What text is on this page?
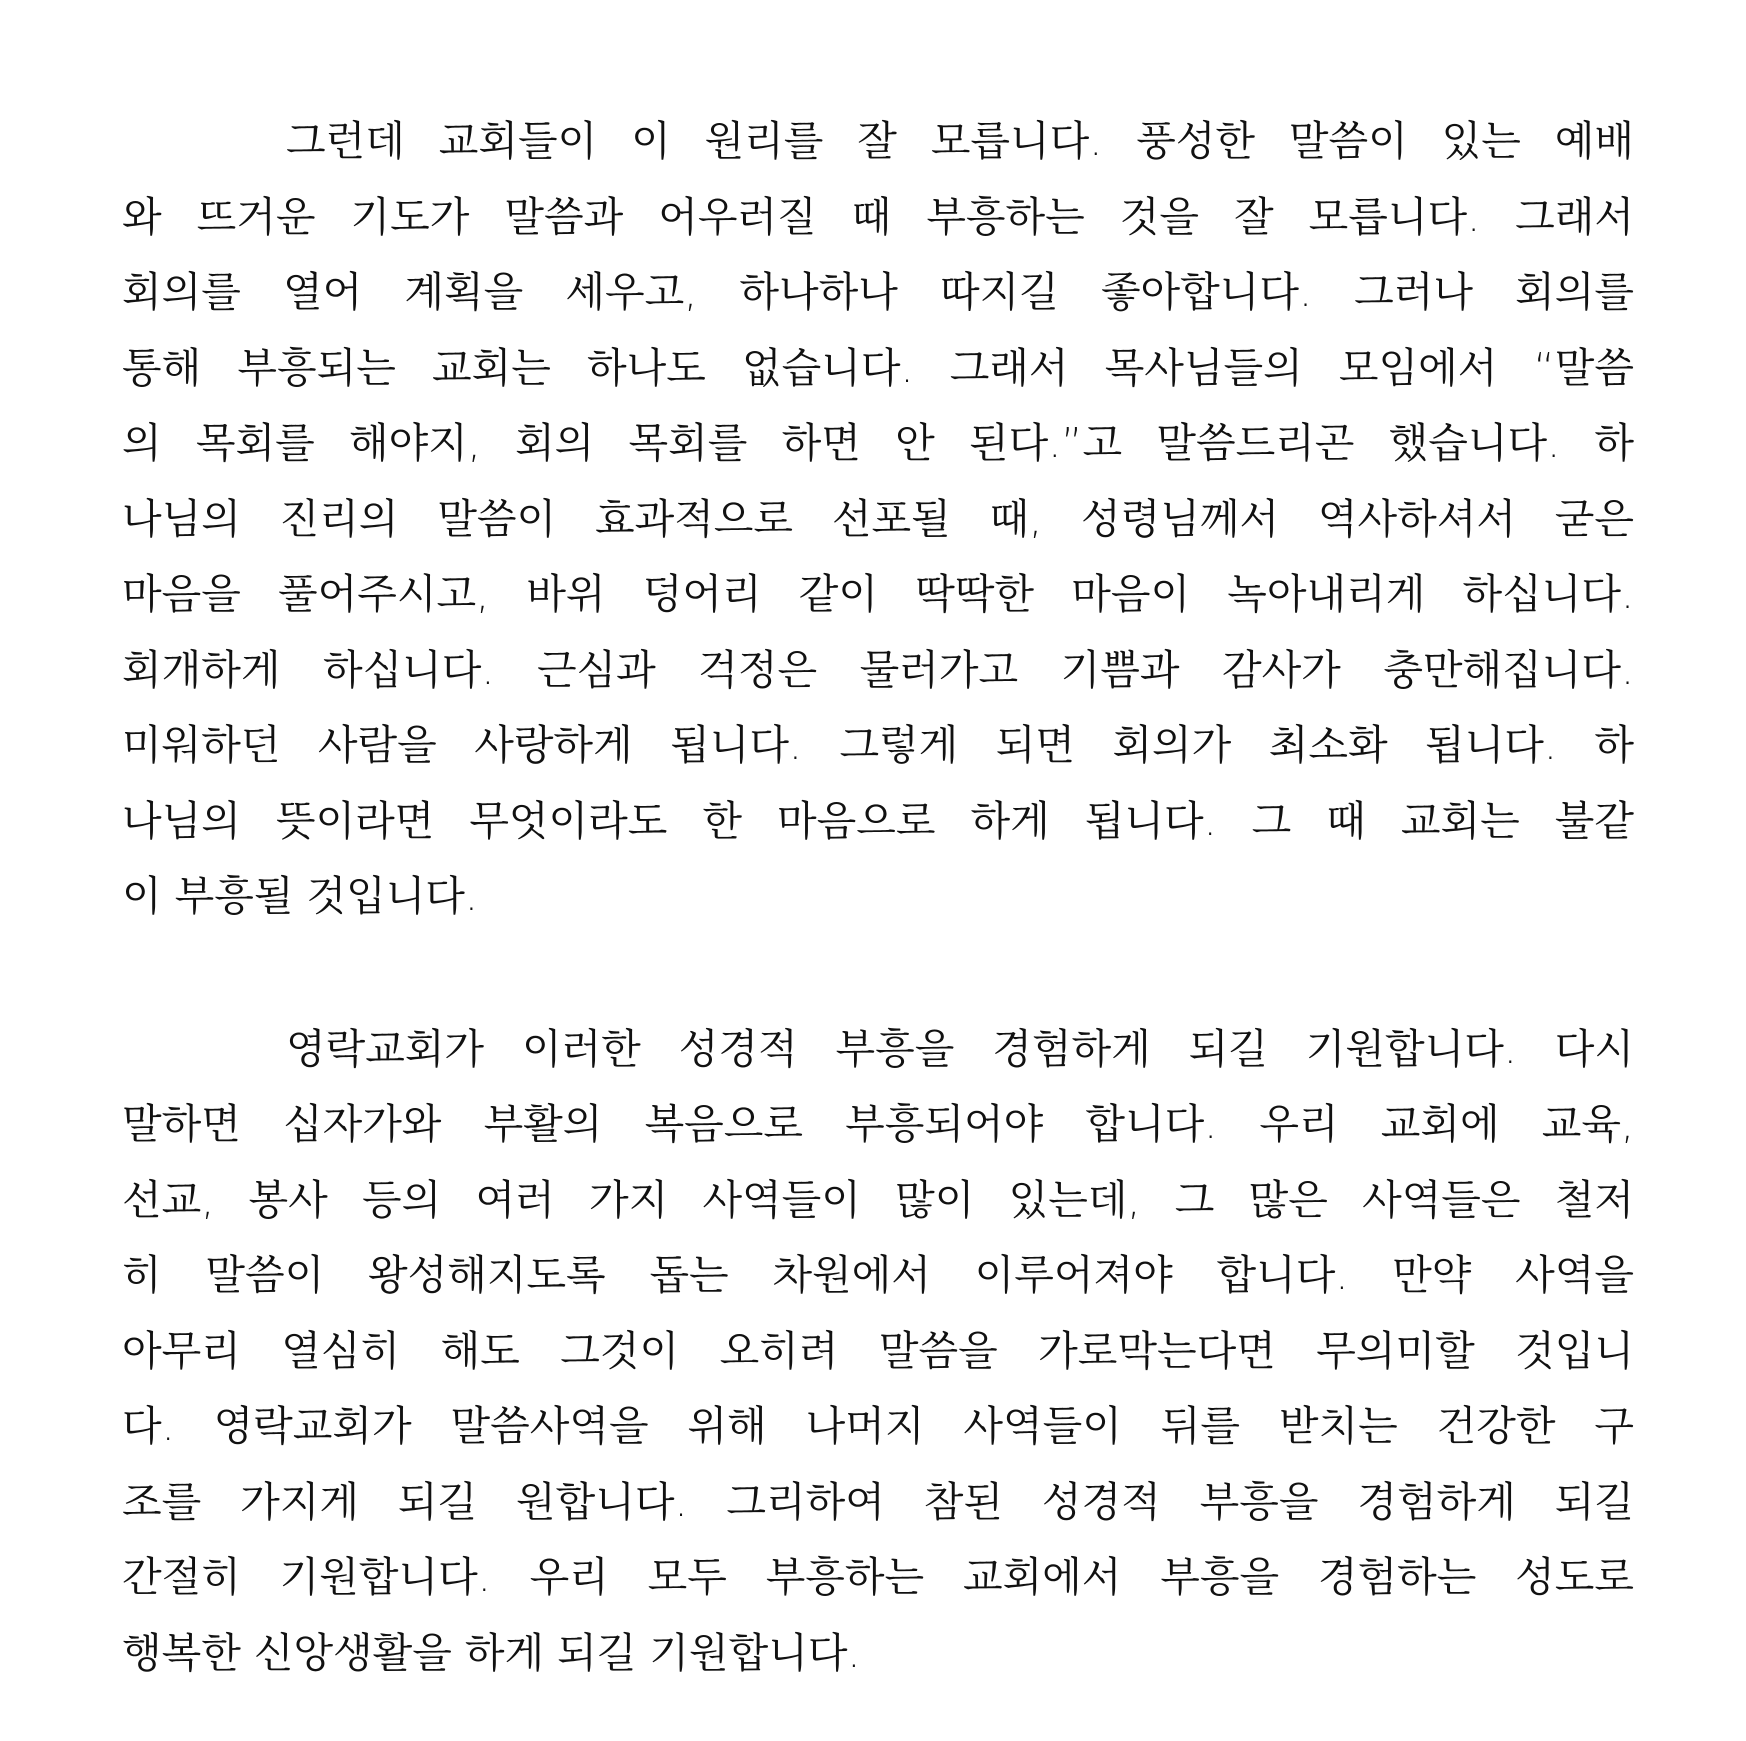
그런데 교회들이 이 원리를 잘 모릅니다. 풍성한 말씀이 있는 예배
와 뜨거운 기도가 말씀과 어우러질 때 부흥하는 것을 잘 모릅니다. 그래서
회의를 열어 계획을 세우고, 하나하나 따지길 좋아합니다. 그러나 회의를
통해 부흥되는 교회는 하나도 없습니다. 그래서 목사님들의 모임에서 “말씀
의 목회를 해야지, 회의 목회를 하면 안 된다.”고 말씀드리곤 했습니다. 하
나님의 진리의 말씀이 효과적으로 선포될 때, 성령님께서 역사하셔서 굳은
마음을 풀어주시고, 바위 덩어리 같이 딱딱한 마음이 녹아내리게 하십니다.
회개하게 하십니다. 근심과 걱정은 물러가고 기쁨과 감사가 충만해집니다.
미워하던 사람을 사랑하게 됩니다. 그렇게 되면 회의가 최소화 됩니다. 하
나님의 뜻이라면 무엇이라도 한 마음으로 하게 됩니다. 그 때 교회는 불같
이 부흥될 것입니다.
영락교회가 이러한 성경적 부흥을 경험하게 되길 기원합니다. 다시
말하면 십자가와 부활의 복음으로 부흥되어야 합니다. 우리 교회에 교육,
선교, 봉사 등의 여러 가지 사역들이 많이 있는데, 그 많은 사역들은 철저
히 말씀이 왕성해지도록 돕는 차원에서 이루어져야 합니다. 만약 사역을
아무리 열심히 해도 그것이 오히려 말씀을 가로막는다면 무의미할 것입니
다. 영락교회가 말씀사역을 위해 나머지 사역들이 뒤를 받치는 건강한 구
조를 가지게 되길 원합니다. 그리하여 참된 성경적 부흥을 경험하게 되길
간절히 기원합니다. 우리 모두 부흥하는 교회에서 부흥을 경험하는 성도로
행복한 신앙생활을 하게 되길 기원합니다.
